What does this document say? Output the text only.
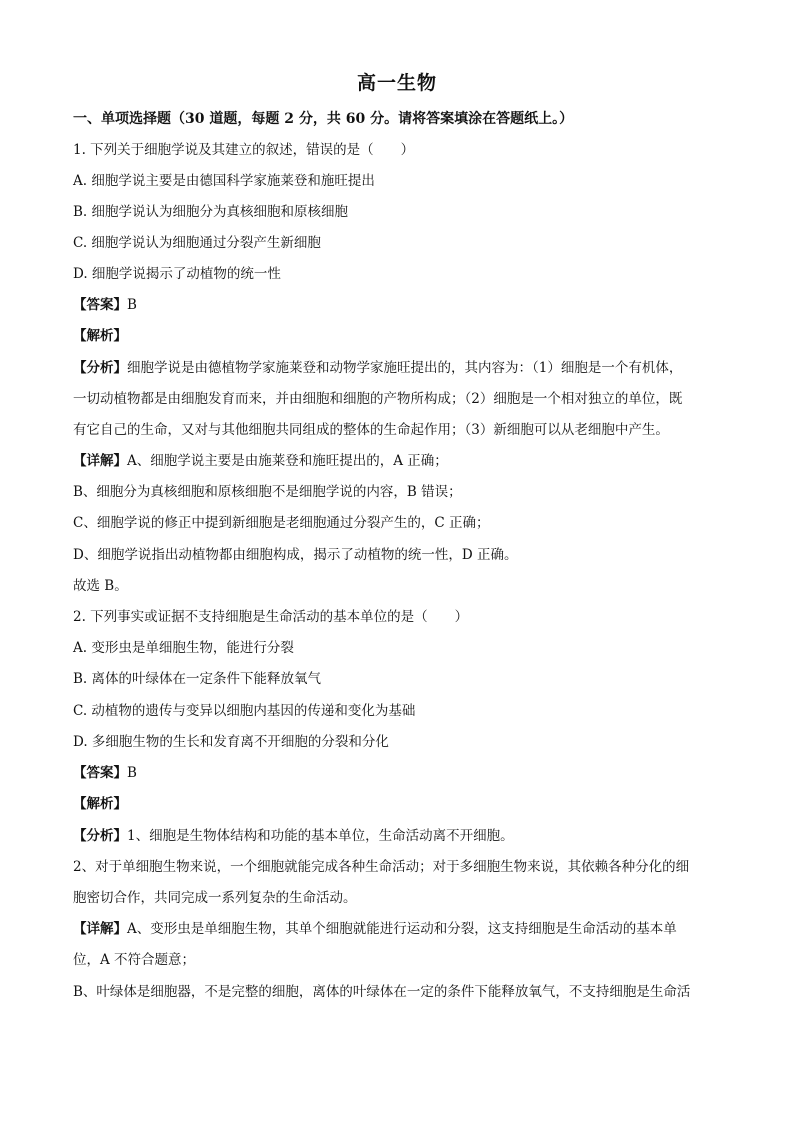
高一生物
一、单项选择题（30 道题，每题 2 分，共 60 分。请将答案填涂在答题纸上。）
1. 下列关于细胞学说及其建立的叙述，错误的是（　　）
A. 细胞学说主要是由德国科学家施莱登和施旺提出
B. 细胞学说认为细胞分为真核细胞和原核细胞
C. 细胞学说认为细胞通过分裂产生新细胞
D. 细胞学说揭示了动植物的统一性
【答案】B
【解析】
【分析】细胞学说是由德植物学家施莱登和动物学家施旺提出的，其内容为：（1）细胞是一个有机体，
一切动植物都是由细胞发育而来，并由细胞和细胞的产物所构成；（2）细胞是一个相对独立的单位，既
有它自己的生命，又对与其他细胞共同组成的整体的生命起作用；（3）新细胞可以从老细胞中产生。
【详解】A、细胞学说主要是由施莱登和施旺提出的，A 正确；
B、细胞分为真核细胞和原核细胞不是细胞学说的内容，B 错误；
C、细胞学说的修正中提到新细胞是老细胞通过分裂产生的，C 正确；
D、细胞学说指出动植物都由细胞构成，揭示了动植物的统一性，D 正确。
故选 B。
2. 下列事实或证据不支持细胞是生命活动的基本单位的是（　　）
A. 变形虫是单细胞生物，能进行分裂
B. 离体的叶绿体在一定条件下能释放氧气
C. 动植物的遗传与变异以细胞内基因的传递和变化为基础
D. 多细胞生物的生长和发育离不开细胞的分裂和分化
【答案】B
【解析】
【分析】1、细胞是生物体结构和功能的基本单位，生命活动离不开细胞。
2、对于单细胞生物来说，一个细胞就能完成各种生命活动；对于多细胞生物来说，其依赖各种分化的细
胞密切合作，共同完成一系列复杂的生命活动。
【详解】A、变形虫是单细胞生物，其单个细胞就能进行运动和分裂，这支持细胞是生命活动的基本单
位，A 不符合题意；
B、叶绿体是细胞器，不是完整的细胞，离体的叶绿体在一定的条件下能释放氧气，不支持细胞是生命活
